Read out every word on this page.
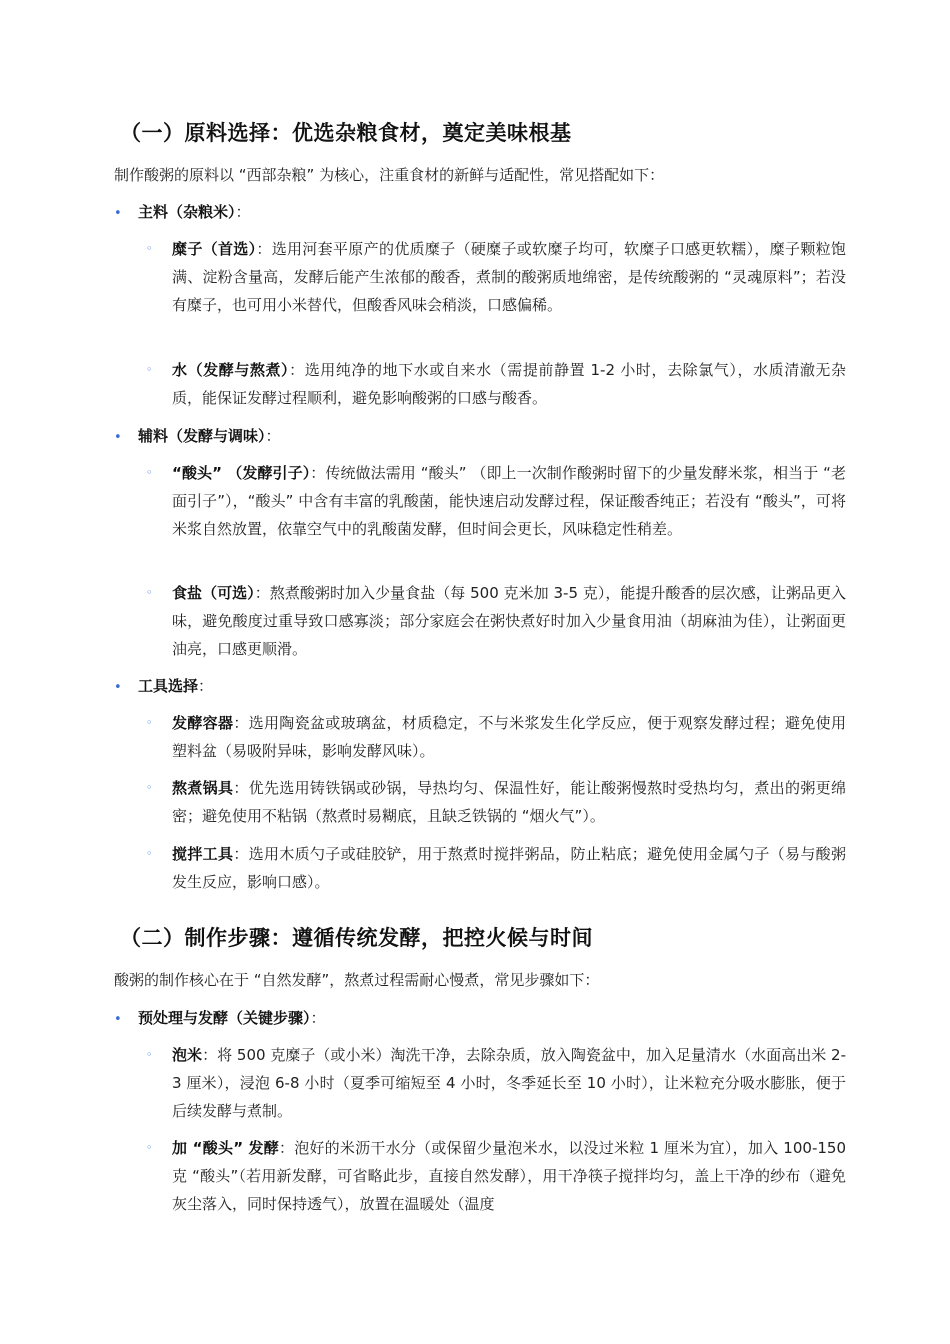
（一）原料选择：优选杂粮食材，奠定美味根基
制作酸粥的原料以 “西部杂粮” 为核心，注重食材的新鲜与适配性，常见搭配如下：
• 主料（杂粮米）：
◦	糜子（首选）：选用河套平原产的优质糜子（硬糜子或软糜子均可，软糜子口感更软糯），糜子颗粒饱满、淀粉含量高，发酵后能产生浓郁的酸香，煮制的酸粥质地绵密，是传统酸粥的 “灵魂原料”；若没有糜子，也可用小米替代，但酸香风味会稍淡，口感偏稀。
◦	水（发酵与熬煮）：选用纯净的地下水或自来水（需提前静置 1-2 小时，去除氯气），水质清澈无杂质，能保证发酵过程顺利，避免影响酸粥的口感与酸香。
• 辅料（发酵与调味）：
◦	“酸头” （发酵引子）：传统做法需用 “酸头” （即上一次制作酸粥时留下的少量发酵米浆，相当于 “老面引子”），“酸头” 中含有丰富的乳酸菌，能快速启动发酵过程，保证酸香纯正；若没有 “酸头”，可将米浆自然放置，依靠空气中的乳酸菌发酵，但时间会更长，风味稳定性稍差。
◦	食盐（可选）：熬煮酸粥时加入少量食盐（每 500 克米加 3-5 克），能提升酸香的层次感，让粥品更入味，避免酸度过重导致口感寡淡；部分家庭会在粥快煮好时加入少量食用油（胡麻油为佳），让粥面更油亮，口感更顺滑。
• 工具选择：
◦	发酵容器：选用陶瓷盆或玻璃盆，材质稳定，不与米浆发生化学反应，便于观察发酵过程；避免使用塑料盆（易吸附异味，影响发酵风味）。
◦	熬煮锅具：优先选用铸铁锅或砂锅，导热均匀、保温性好，能让酸粥慢熬时受热均匀，煮出的粥更绵密；避免使用不粘锅（熬煮时易糊底，且缺乏铁锅的 “烟火气”）。
◦	搅拌工具：选用木质勺子或硅胶铲，用于熬煮时搅拌粥品，防止粘底；避免使用金属勺子（易与酸粥发生反应，影响口感）。
（二）制作步骤：遵循传统发酵，把控火候与时间
酸粥的制作核心在于 “自然发酵”，熬煮过程需耐心慢煮，常见步骤如下：
• 预处理与发酵（关键步骤）：
◦	泡米：将 500 克糜子（或小米）淘洗干净，去除杂质，放入陶瓷盆中，加入足量清水（水面高出米 2-3 厘米），浸泡 6-8 小时（夏季可缩短至 4 小时，冬季延长至 10 小时），让米粒充分吸水膨胀，便于后续发酵与煮制。
◦	加 “酸头” 发酵：泡好的米沥干水分（或保留少量泡米水，以没过米粒 1 厘米为宜），加入 100-150 克 “酸头”（若用新发酵，可省略此步，直接自然发酵），用干净筷子搅拌均匀，盖上干净的纱布（避免灰尘落入，同时保持透气），放置在温暖处（温度
